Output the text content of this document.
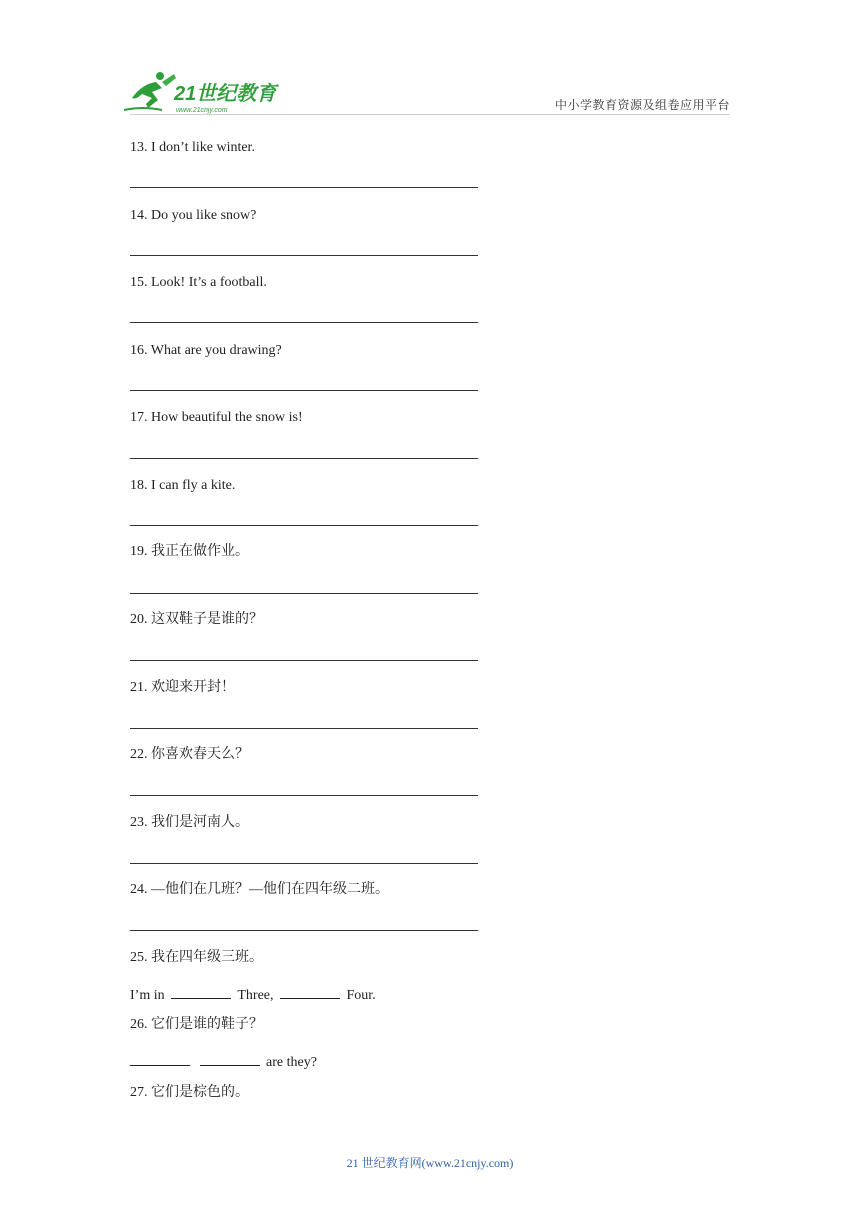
21世纪教育
www.21cnjy.com	中小学教育资源及组卷应用平台
13. I don’t like winter.
14. Do you like snow?
15. Look! It’s a football.
16. What are you drawing?
17. How beautiful the snow is!
18. I can fly a kite.
19. 我正在做作业。
20. 这双鞋子是谁的？
21. 欢迎来开封！
22. 你喜欢春天么？
23. 我们是河南人。
24. —他们在几班？—他们在四年级二班。
25. 我在四年级三班。
I’m in	Three,	Four.
26. 它们是谁的鞋子？
are they?
27. 它们是棕色的。
21 世纪教育网(www.21cnjy.com)
